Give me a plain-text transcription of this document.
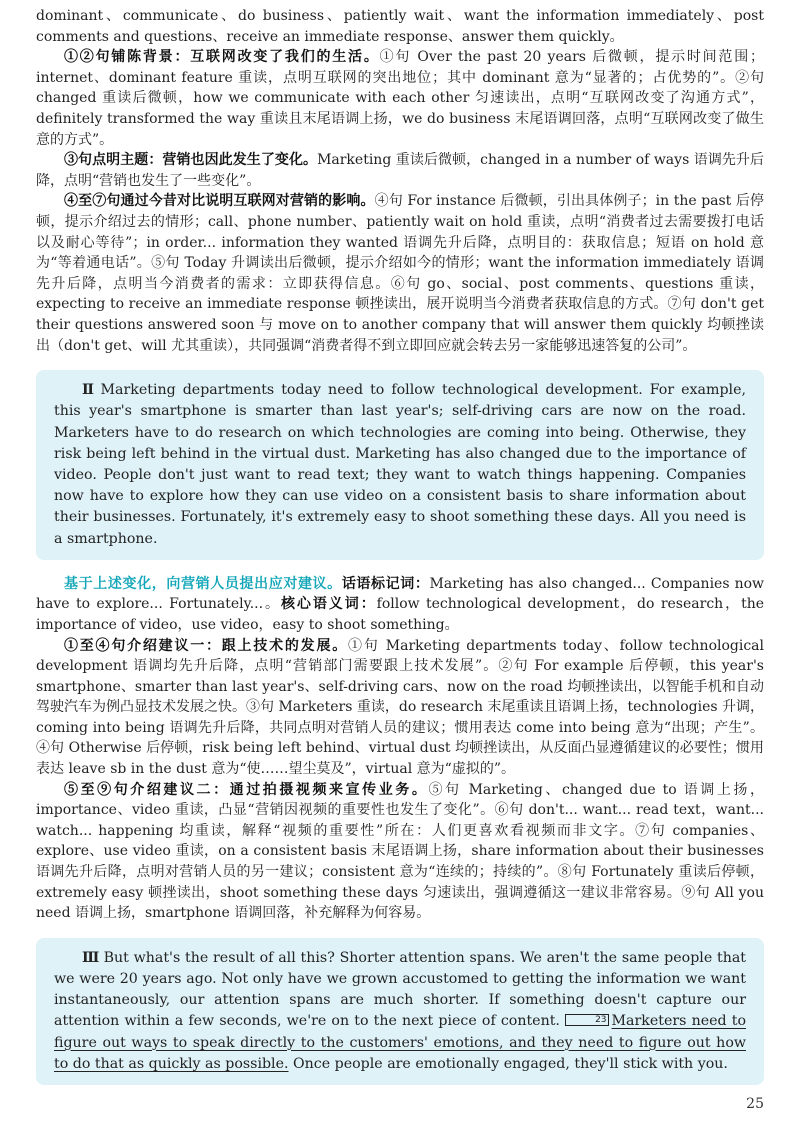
dominant、communicate、do business、patiently wait、want the information immediately、post comments and questions、receive an immediate response、answer them quickly。

①②句铺陈背景：互联网改变了我们的生活。①句 Over the past 20 years 后微顿，提示时间范围；internet、dominant feature 重读，点明互联网的突出地位；其中 dominant 意为“显著的；占优势的”。②句 changed 重读后微顿，how we communicate with each other 匀速读出，点明“互联网改变了沟通方式”，definitely transformed the way 重读且末尾语调上扬，we do business 末尾语调回落，点明“互联网改变了做生意的方式”。

③句点明主题：营销也因此发生了变化。Marketing 重读后微顿，changed in a number of ways 语调先升后降，点明“营销也发生了一些变化”。

④至⑦句通过今昔对比说明互联网对营销的影响。④句 For instance 后微顿，引出具体例子；in the past 后停顿，提示介绍过去的情形；call、phone number、patiently wait on hold 重读，点明“消费者过去需要拨打电话以及耐心等待”；in order... information they wanted 语调先升后降，点明目的：获取信息；短语 on hold 意为“等着通电话”。⑤句 Today 升调读出后微顿，提示介绍如今的情形；want the information immediately 语调先升后降，点明当今消费者的需求：立即获得信息。⑥句 go、social、post comments、questions 重读，expecting to receive an immediate response 顿挫读出，展开说明当今消费者获取信息的方式。⑦句 don't get their questions answered soon 与 move on to another company that will answer them quickly 均顿挫读出（don't get、will 尤其重读），共同强调“消费者得不到立即回应就会转去另一家能够迅速答复的公司”。

Ⅱ Marketing departments today need to follow technological development. For example, this year's smartphone is smarter than last year's; self-driving cars are now on the road. Marketers have to do research on which technologies are coming into being. Otherwise, they risk being left behind in the virtual dust. Marketing has also changed due to the importance of video. People don't just want to read text; they want to watch things happening. Companies now have to explore how they can use video on a consistent basis to share information about their businesses. Fortunately, it's extremely easy to shoot something these days. All you need is a smartphone.

基于上述变化，向营销人员提出应对建议。话语标记词：Marketing has also changed... Companies now have to explore... Fortunately...。核心语义词：follow technological development，do research，the importance of video，use video，easy to shoot something。

①至④句介绍建议一：跟上技术的发展。①句 Marketing departments today、follow technological development 语调均先升后降，点明“营销部门需要跟上技术发展”。②句 For example 后停顿，this year's smartphone、smarter than last year's、self-driving cars、now on the road 均顿挫读出，以智能手机和自动驾驶汽车为例凸显技术发展之快。③句 Marketers 重读，do research 末尾重读且语调上扬，technologies 升调，coming into being 语调先升后降，共同点明对营销人员的建议；惯用表达 come into being 意为“出现；产生”。④句 Otherwise 后停顿，risk being left behind、virtual dust 均顿挫读出，从反面凸显遵循建议的必要性；惯用表达 leave sb in the dust 意为“使……望尘莫及”，virtual 意为“虚拟的”。

⑤至⑨句介绍建议二：通过拍摄视频来宣传业务。⑤句 Marketing、changed due to 语调上扬，importance、video 重读，凸显“营销因视频的重要性也发生了变化”。⑥句 don't... want... read text，want... watch... happening 均重读，解释“视频的重要性”所在：人们更喜欢看视频而非文字。⑦句 companies、explore、use video 重读，on a consistent basis 末尾语调上扬，share information about their businesses 语调先升后降，点明对营销人员的另一建议；consistent 意为“连续的；持续的”。⑧句 Fortunately 重读后停顿，extremely easy 顿挫读出，shoot something these days 匀速读出，强调遵循这一建议非常容易。⑨句 All you need 语调上扬，smartphone 语调回落，补充解释为何容易。

Ⅲ But what's the result of all this? Shorter attention spans. We aren't the same people that we were 20 years ago. Not only have we grown accustomed to getting the information we want instantaneously, our attention spans are much shorter. If something doesn't capture our attention within a few seconds, we're on to the next piece of content.	23 Marketers need to figure out ways to speak directly to the customers' emotions, and they need to figure out how to do that as quickly as possible. Once people are emotionally engaged, they'll stick with you.

25
